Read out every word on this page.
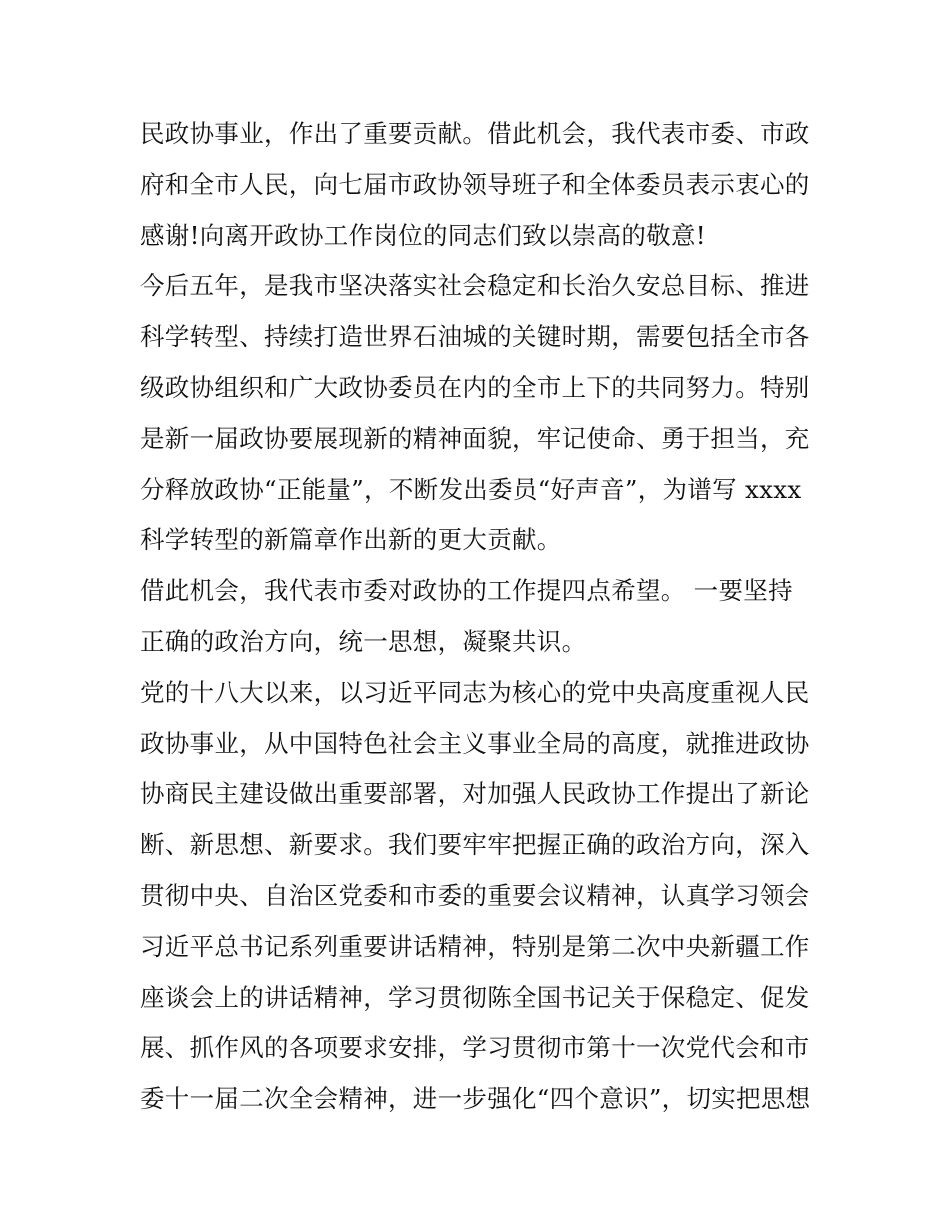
民政协事业，作出了重要贡献。借此机会，我代表市委、市政
府和全市人民，向七届市政协领导班子和全体委员表示衷心的
感谢!向离开政协工作岗位的同志们致以崇高的敬意!
今后五年，是我市坚决落实社会稳定和长治久安总目标、推进
科学转型、持续打造世界石油城的关键时期，需要包括全市各
级政协组织和广大政协委员在内的全市上下的共同努力。特别
是新一届政协要展现新的精神面貌，牢记使命、勇于担当，充
分释放政协“正能量”，不断发出委员“好声音”，为谱写 xxxx
科学转型的新篇章作出新的更大贡献。
借此机会，我代表市委对政协的工作提四点希望。 一要坚持
正确的政治方向，统一思想，凝聚共识。
党的十八大以来，以习近平同志为核心的党中央高度重视人民
政协事业，从中国特色社会主义事业全局的高度，就推进政协
协商民主建设做出重要部署，对加强人民政协工作提出了新论
断、新思想、新要求。我们要牢牢把握正确的政治方向，深入
贯彻中央、自治区党委和市委的重要会议精神，认真学习领会
习近平总书记系列重要讲话精神，特别是第二次中央新疆工作
座谈会上的讲话精神，学习贯彻陈全国书记关于保稳定、促发
展、抓作风的各项要求安排，学习贯彻市第十一次党代会和市
委十一届二次全会精神，进一步强化“四个意识”，切实把思想
